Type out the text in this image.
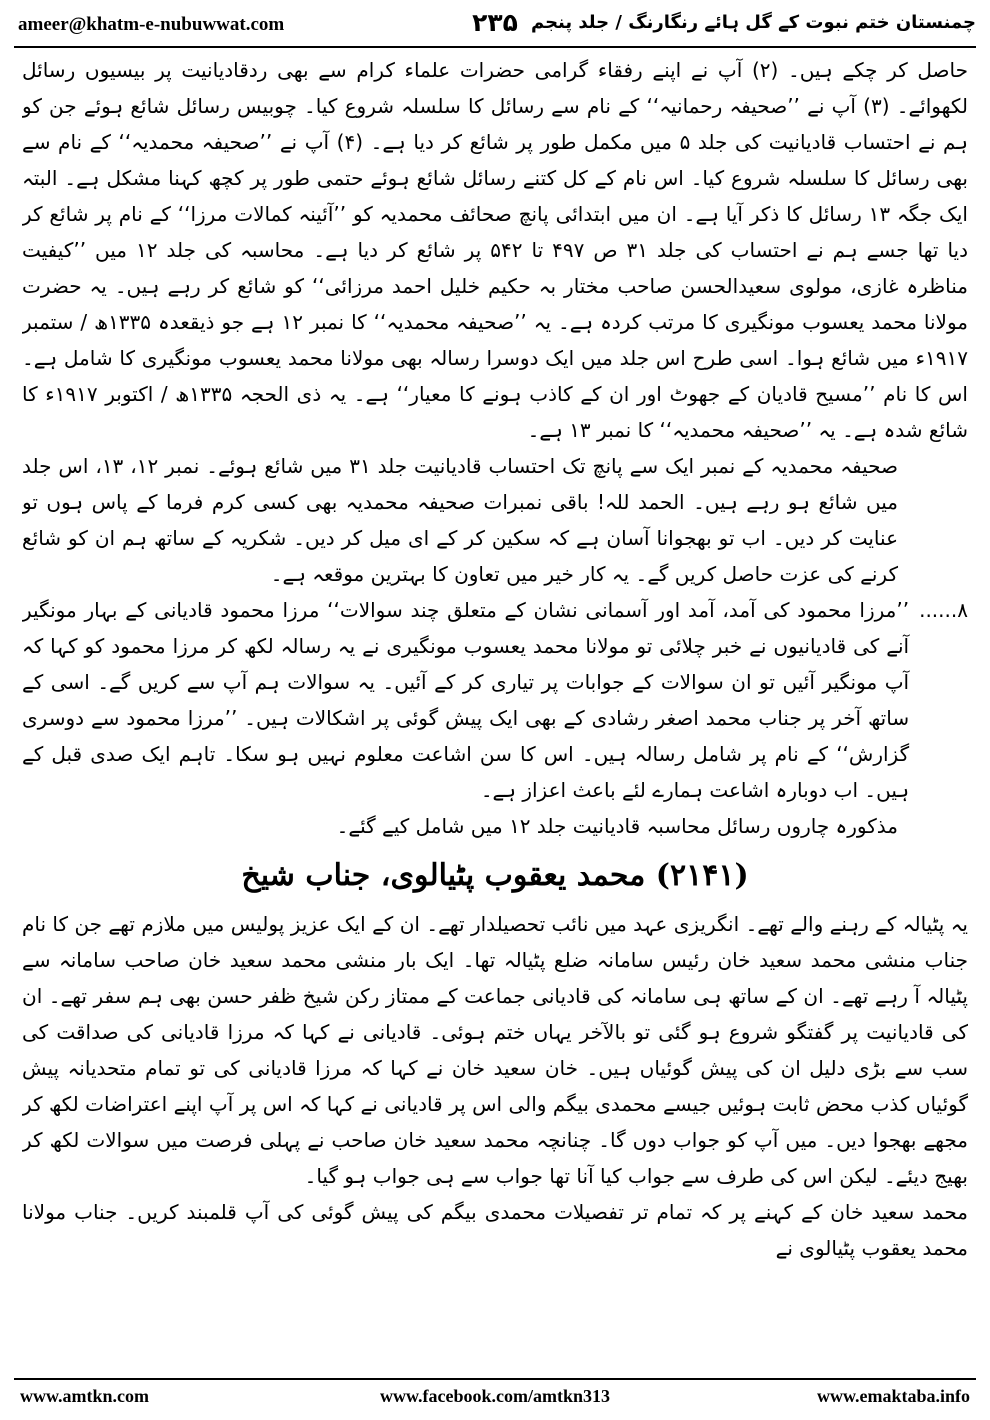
ameer@khatm-e-nubuwwat.com	۲۳۵ چمنستان ختم نبوت کے گل ہائے رنگارنگ / جلد پنجم

حاصل کر چکے ہیں۔ (۲) آپ نے اپنے رفقاء گرامی حضرات علماء کرام سے بھی ردقادیانیت پر بیسیوں رسائل لکھوائے۔ (۳) آپ نے ’’صحیفہ رحمانیہ‘‘ کے نام سے رسائل کا سلسلہ شروع کیا۔ چوبیس رسائل شائع ہوئے جن کو ہم نے احتساب قادیانیت کی جلد ۵ میں مکمل طور پر شائع کر دیا ہے۔ (۴) آپ نے ’’صحیفہ محمدیہ‘‘ کے نام سے بھی رسائل کا سلسلہ شروع کیا۔ اس نام کے کل کتنے رسائل شائع ہوئے حتمی طور پر کچھ کہنا مشکل ہے۔ البتہ ایک جگہ ۱۳ رسائل کا ذکر آیا ہے۔ ان میں ابتدائی پانچ صحائف محمدیہ کو ’’آئینہ کمالات مرزا‘‘ کے نام پر شائع کر دیا تھا جسے ہم نے احتساب کی جلد ۳۱ ص ۴۹۷ تا ۵۴۲ پر شائع کر دیا ہے۔ محاسبہ کی جلد ۱۲ میں ’’کیفیت مناظرہ غازی، مولوی سعیدالحسن صاحب مختار بہ حکیم خلیل احمد مرزائی‘‘ کو شائع کر رہے ہیں۔ یہ حضرت مولانا محمد یعسوب مونگیری کا مرتب کردہ ہے۔ یہ ’’صحیفہ محمدیہ‘‘ کا نمبر ۱۲ ہے جو ذیقعدہ ۱۳۳۵ھ / ستمبر ۱۹۱۷ء میں شائع ہوا۔ اسی طرح اس جلد میں ایک دوسرا رسالہ بھی مولانا محمد یعسوب مونگیری کا شامل ہے۔ اس کا نام ’’مسیح قادیان کے جھوٹ اور ان کے کاذب ہونے کا معیار‘‘ ہے۔ یہ ذی الحجہ ۱۳۳۵ھ / اکتوبر ۱۹۱۷ء کا شائع شدہ ہے۔ یہ ’’صحیفہ محمدیہ‘‘ کا نمبر ۱۳ ہے۔

صحیفہ محمدیہ کے نمبر ایک سے پانچ تک احتساب قادیانیت جلد ۳۱ میں شائع ہوئے۔ نمبر ۱۲، ۱۳، اس جلد میں شائع ہو رہے ہیں۔ الحمد للہ! باقی نمبرات صحیفہ محمدیہ بھی کسی کرم فرما کے پاس ہوں تو عنایت کر دیں۔ اب تو بھجوانا آسان ہے کہ سکین کر کے ای میل کر دیں۔ شکریہ کے ساتھ ہم ان کو شائع کرنے کی عزت حاصل کریں گے۔ یہ کار خیر میں تعاون کا بہترین موقعہ ہے۔

۸......

’’مرزا محمود کی آمد، آمد اور آسمانی نشان کے متعلق چند سوالات‘‘ مرزا محمود قادیانی کے بہار مونگیر آنے کی قادیانیوں نے خبر چلائی تو مولانا محمد یعسوب مونگیری نے یہ رسالہ لکھ کر مرزا محمود کو کہا کہ آپ مونگیر آئیں تو ان سوالات کے جوابات پر تیاری کر کے آئیں۔ یہ سوالات ہم آپ سے کریں گے۔ اسی کے ساتھ آخر پر جناب محمد اصغر رشادی کے بھی ایک پیش گوئی پر اشکالات ہیں۔ ’’مرزا محمود سے دوسری گزارش‘‘ کے نام پر شامل رسالہ ہیں۔ اس کا سن اشاعت معلوم نہیں ہو سکا۔ تاہم ایک صدی قبل کے ہیں۔ اب دوبارہ اشاعت ہمارے لئے باعث اعزاز ہے۔

مذکورہ چاروں رسائل محاسبہ قادیانیت جلد ۱۲ میں شامل کیے گئے۔

(۲۱۴۱) محمد یعقوب پٹیالوی، جناب شیخ

یہ پٹیالہ کے رہنے والے تھے۔ انگریزی عہد میں نائب تحصیلدار تھے۔ ان کے ایک عزیز پولیس میں ملازم تھے جن کا نام جناب منشی محمد سعید خان رئیس سامانہ ضلع پٹیالہ تھا۔ ایک بار منشی محمد سعید خان صاحب سامانہ سے پٹیالہ آ رہے تھے۔ ان کے ساتھ ہی سامانہ کی قادیانی جماعت کے ممتاز رکن شیخ ظفر حسن بھی ہم سفر تھے۔ ان کی قادیانیت پر گفتگو شروع ہو گئی تو بالآخر یہاں ختم ہوئی۔ قادیانی نے کہا کہ مرزا قادیانی کی صداقت کی سب سے بڑی دلیل ان کی پیش گوئیاں ہیں۔ خان سعید خان نے کہا کہ مرزا قادیانی کی تو تمام متحدیانہ پیش گوئیاں کذب محض ثابت ہوئیں جیسے محمدی بیگم والی اس پر قادیانی نے کہا کہ اس پر آپ اپنے اعتراضات لکھ کر مجھے بھجوا دیں۔ میں آپ کو جواب دوں گا۔ چنانچہ محمد سعید خان صاحب نے پہلی فرصت میں سوالات لکھ کر بھیج دیئے۔ لیکن اس کی طرف سے جواب کیا آنا تھا جواب سے ہی جواب ہو گیا۔

محمد سعید خان کے کہنے پر کہ تمام تر تفصیلات محمدی بیگم کی پیش گوئی کی آپ قلمبند کریں۔ جناب مولانا محمد یعقوب پٹیالوی نے

www.amtkn.com	www.facebook.com/amtkn313	www.emaktaba.info
